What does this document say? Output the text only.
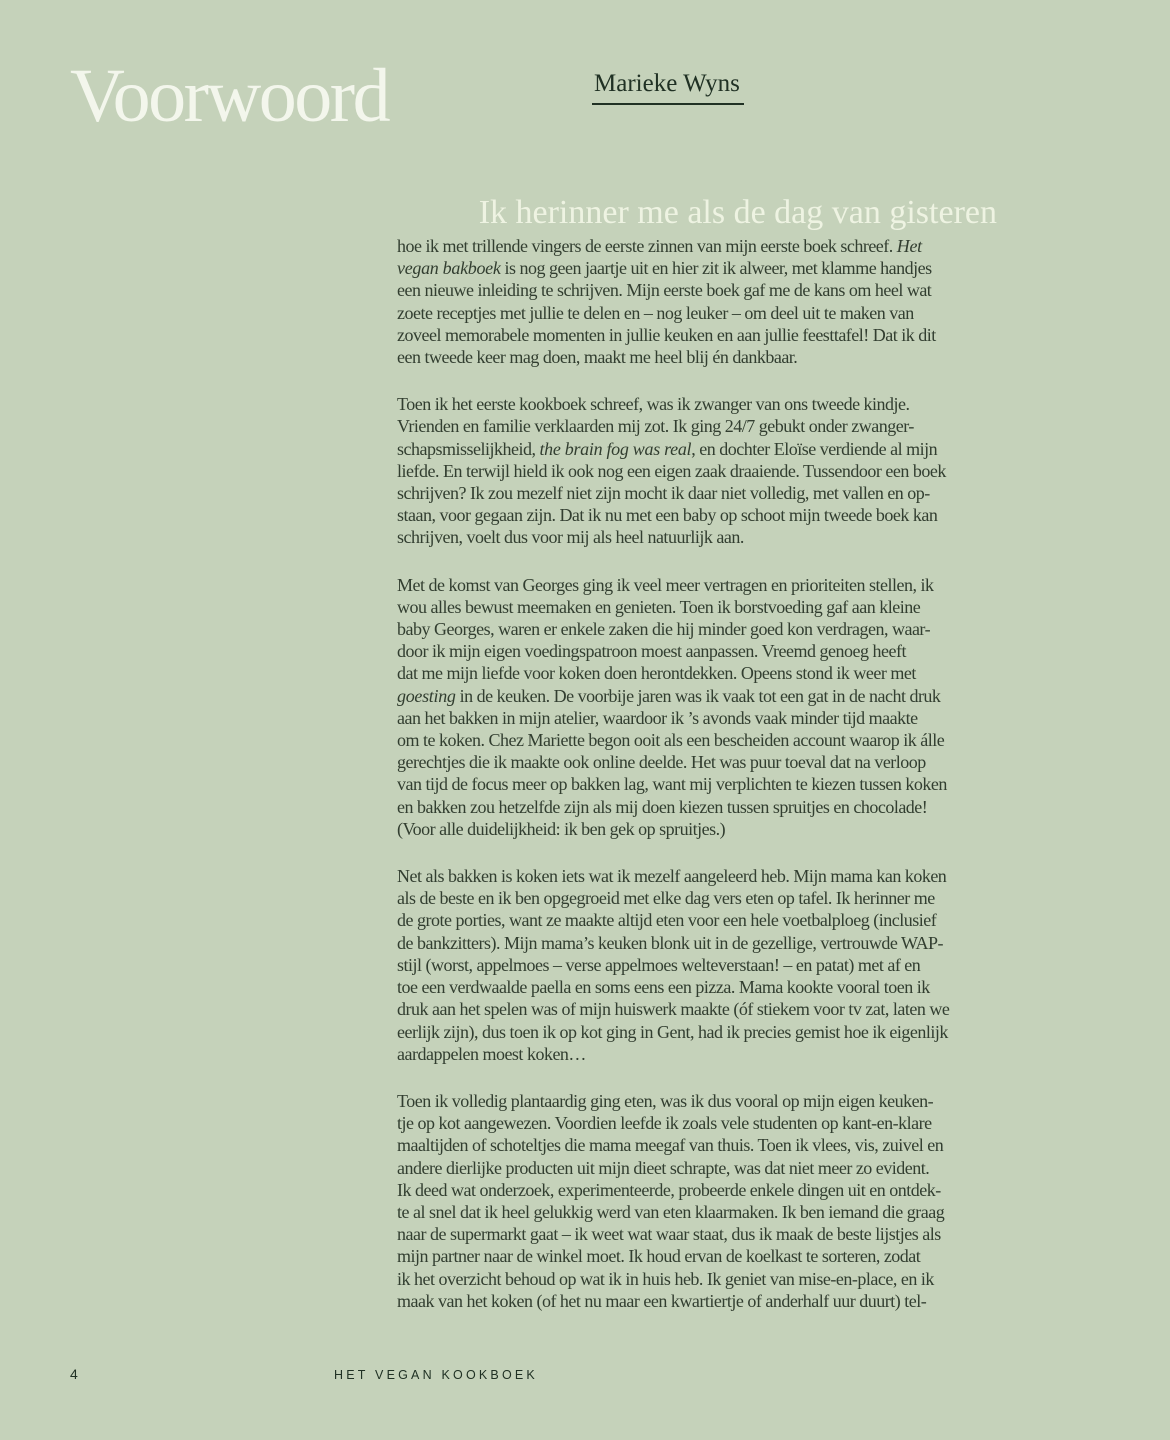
Voorwoord	Marieke Wyns
Ik herinner me als de dag van gisteren
hoe ik met trillende vingers de eerste zinnen van mijn eerste boek schreef. Het
vegan bakboek is nog geen jaartje uit en hier zit ik alweer, met klamme handjes
een nieuwe inleiding te schrijven. Mijn eerste boek gaf me de kans om heel wat
zoete receptjes met jullie te delen en – nog leuker – om deel uit te maken van
zoveel memorabele momenten in jullie keuken en aan jullie feesttafel! Dat ik dit
een tweede keer mag doen, maakt me heel blij én dankbaar.
Toen ik het eerste kookboek schreef, was ik zwanger van ons tweede kindje.
Vrienden en familie verklaarden mij zot. Ik ging 24/7 gebukt onder zwanger-
schapsmisselijkheid, the brain fog was real, en dochter Eloïse verdiende al mijn
liefde. En terwijl hield ik ook nog een eigen zaak draaiende. Tussendoor een boek
schrijven? Ik zou mezelf niet zijn mocht ik daar niet volledig, met vallen en op-
staan, voor gegaan zijn. Dat ik nu met een baby op schoot mijn tweede boek kan
schrijven, voelt dus voor mij als heel natuurlijk aan.
Met de komst van Georges ging ik veel meer vertragen en prioriteiten stellen, ik
wou alles bewust meemaken en genieten. Toen ik borstvoeding gaf aan kleine
baby Georges, waren er enkele zaken die hij minder goed kon verdragen, waar-
door ik mijn eigen voedingspatroon moest aanpassen. Vreemd genoeg heeft
dat me mijn liefde voor koken doen herontdekken. Opeens stond ik weer met
goesting in de keuken. De voorbije jaren was ik vaak tot een gat in de nacht druk
aan het bakken in mijn atelier, waardoor ik ’s avonds vaak minder tijd maakte
om te koken. Chez Mariette begon ooit als een bescheiden account waarop ik álle
gerechtjes die ik maakte ook online deelde. Het was puur toeval dat na verloop
van tijd de focus meer op bakken lag, want mij verplichten te kiezen tussen koken
en bakken zou hetzelfde zijn als mij doen kiezen tussen spruitjes en chocolade!
(Voor alle duidelijkheid: ik ben gek op spruitjes.)
Net als bakken is koken iets wat ik mezelf aangeleerd heb. Mijn mama kan koken
als de beste en ik ben opgegroeid met elke dag vers eten op tafel. Ik herinner me
de grote porties, want ze maakte altijd eten voor een hele voetbalploeg (inclusief
de bankzitters). Mijn mama’s keuken blonk uit in de gezellige, vertrouwde WAP-
stijl (worst, appelmoes – verse appelmoes welteverstaan! – en patat) met af en
toe een verdwaalde paella en soms eens een pizza. Mama kookte vooral toen ik
druk aan het spelen was of mijn huiswerk maakte (óf stiekem voor tv zat, laten we
eerlijk zijn), dus toen ik op kot ging in Gent, had ik precies gemist hoe ik eigenlijk
aardappelen moest koken…
Toen ik volledig plantaardig ging eten, was ik dus vooral op mijn eigen keuken-
tje op kot aangewezen. Voordien leefde ik zoals vele studenten op kant-en-klare
maaltijden of schoteltjes die mama meegaf van thuis. Toen ik vlees, vis, zuivel en
andere dierlijke producten uit mijn dieet schrapte, was dat niet meer zo evident.
Ik deed wat onderzoek, experimenteerde, probeerde enkele dingen uit en ontdek-
te al snel dat ik heel gelukkig werd van eten klaarmaken. Ik ben iemand die graag
naar de supermarkt gaat – ik weet wat waar staat, dus ik maak de beste lijstjes als
mijn partner naar de winkel moet. Ik houd ervan de koelkast te sorteren, zodat
ik het overzicht behoud op wat ik in huis heb. Ik geniet van mise-en-place, en ik
maak van het koken (of het nu maar een kwartiertje of anderhalf uur duurt) tel-
4	HET VEGAN KOOKBOEK
